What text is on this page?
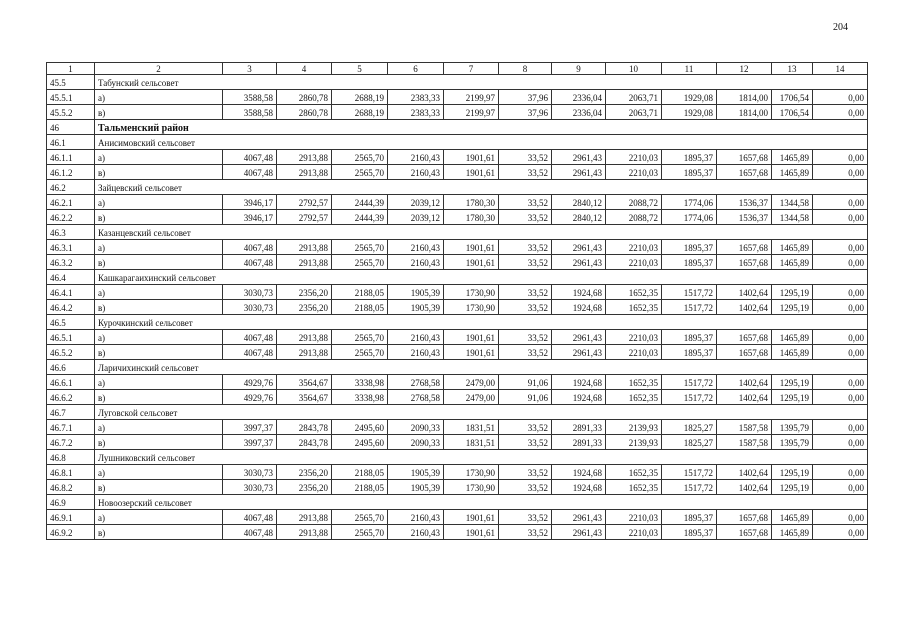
204
1	2	3	4	5	6	7	8	9	10	11	12	13	14
45.5	Табунский сельсовет												
45.5.1	а)	3588,58	2860,78	2688,19	2383,33	2199,97	37,96	2336,04	2063,71	1929,08	1814,00	1706,54	0,00
45.5.2	в)	3588,58	2860,78	2688,19	2383,33	2199,97	37,96	2336,04	2063,71	1929,08	1814,00	1706,54	0,00
46	Тальменский район												
46.1	Анисимовский сельсовет												
46.1.1	а)	4067,48	2913,88	2565,70	2160,43	1901,61	33,52	2961,43	2210,03	1895,37	1657,68	1465,89	0,00
46.1.2	в)	4067,48	2913,88	2565,70	2160,43	1901,61	33,52	2961,43	2210,03	1895,37	1657,68	1465,89	0,00
46.2	Зайцевский сельсовет												
46.2.1	а)	3946,17	2792,57	2444,39	2039,12	1780,30	33,52	2840,12	2088,72	1774,06	1536,37	1344,58	0,00
46.2.2	в)	3946,17	2792,57	2444,39	2039,12	1780,30	33,52	2840,12	2088,72	1774,06	1536,37	1344,58	0,00
46.3	Казанцевский сельсовет												
46.3.1	а)	4067,48	2913,88	2565,70	2160,43	1901,61	33,52	2961,43	2210,03	1895,37	1657,68	1465,89	0,00
46.3.2	в)	4067,48	2913,88	2565,70	2160,43	1901,61	33,52	2961,43	2210,03	1895,37	1657,68	1465,89	0,00
46.4	Кашкарагаихинский сельсовет												
46.4.1	а)	3030,73	2356,20	2188,05	1905,39	1730,90	33,52	1924,68	1652,35	1517,72	1402,64	1295,19	0,00
46.4.2	в)	3030,73	2356,20	2188,05	1905,39	1730,90	33,52	1924,68	1652,35	1517,72	1402,64	1295,19	0,00
46.5	Курочкинский сельсовет												
46.5.1	а)	4067,48	2913,88	2565,70	2160,43	1901,61	33,52	2961,43	2210,03	1895,37	1657,68	1465,89	0,00
46.5.2	в)	4067,48	2913,88	2565,70	2160,43	1901,61	33,52	2961,43	2210,03	1895,37	1657,68	1465,89	0,00
46.6	Ларичихинский сельсовет												
46.6.1	а)	4929,76	3564,67	3338,98	2768,58	2479,00	91,06	1924,68	1652,35	1517,72	1402,64	1295,19	0,00
46.6.2	в)	4929,76	3564,67	3338,98	2768,58	2479,00	91,06	1924,68	1652,35	1517,72	1402,64	1295,19	0,00
46.7	Луговской сельсовет												
46.7.1	а)	3997,37	2843,78	2495,60	2090,33	1831,51	33,52	2891,33	2139,93	1825,27	1587,58	1395,79	0,00
46.7.2	в)	3997,37	2843,78	2495,60	2090,33	1831,51	33,52	2891,33	2139,93	1825,27	1587,58	1395,79	0,00
46.8	Лушниковский сельсовет												
46.8.1	а)	3030,73	2356,20	2188,05	1905,39	1730,90	33,52	1924,68	1652,35	1517,72	1402,64	1295,19	0,00
46.8.2	в)	3030,73	2356,20	2188,05	1905,39	1730,90	33,52	1924,68	1652,35	1517,72	1402,64	1295,19	0,00
46.9	Новоозерский сельсовет												
46.9.1	а)	4067,48	2913,88	2565,70	2160,43	1901,61	33,52	2961,43	2210,03	1895,37	1657,68	1465,89	0,00
46.9.2	в)	4067,48	2913,88	2565,70	2160,43	1901,61	33,52	2961,43	2210,03	1895,37	1657,68	1465,89	0,00
